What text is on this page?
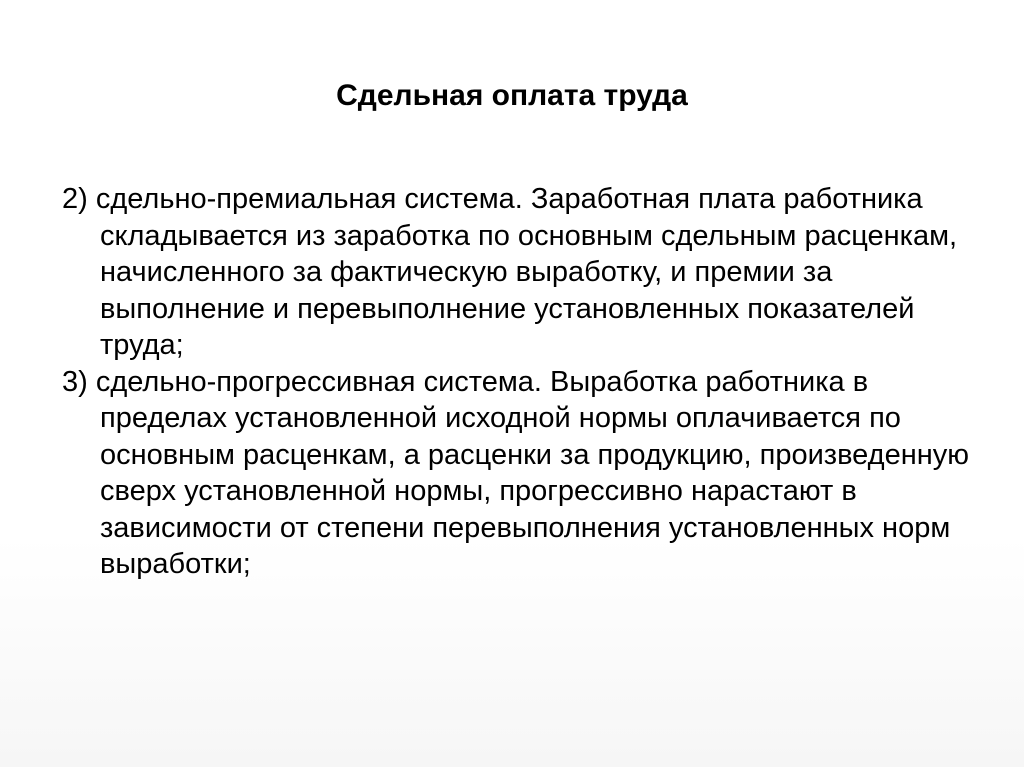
Сдельная оплата труда
2) сдельно-премиальная система. Заработная плата работника складывается из заработка по основным сдельным расценкам, начисленного за фактическую выработку, и премии за выполнение и перевыполнение установленных показателей труда;
3) сдельно-прогрессивная система. Выработка работника в пределах установленной исходной нормы оплачивается по основным расценкам, а расценки за продукцию, произведенную сверх установленной нормы, прогрессивно нарастают в зависимости от степени перевыполнения установленных норм выработки;
